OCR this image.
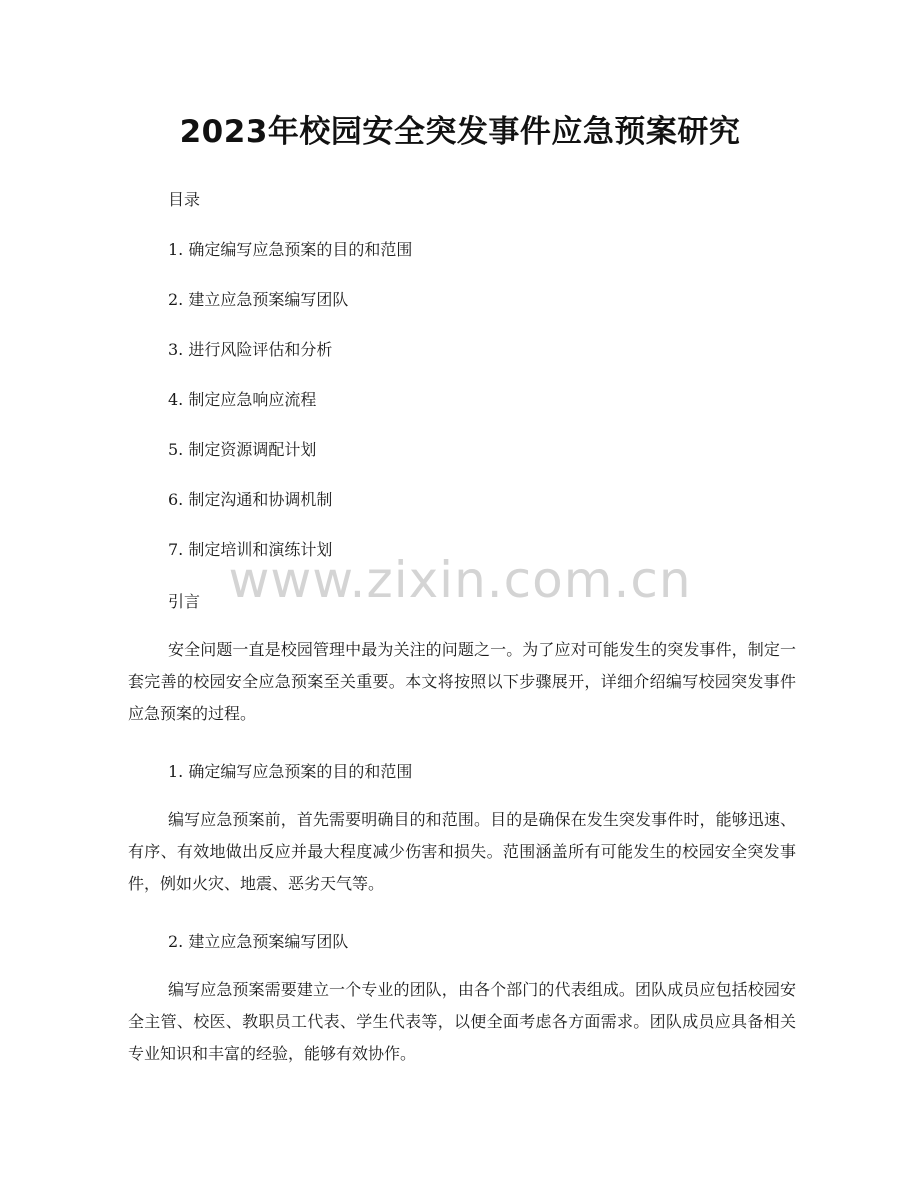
2023年校园安全突发事件应急预案研究
目录
1. 确定编写应急预案的目的和范围
2. 建立应急预案编写团队
3. 进行风险评估和分析
4. 制定应急响应流程
5. 制定资源调配计划
6. 制定沟通和协调机制
7. 制定培训和演练计划
www.zixin.com.cn
引言

安全问题一直是校园管理中最为关注的问题之一。为了应对可能发生的突发事件，制定一套完善的校园安全应急预案至关重要。本文将按照以下步骤展开，详细介绍编写校园突发事件应急预案的过程。

1. 确定编写应急预案的目的和范围

编写应急预案前，首先需要明确目的和范围。目的是确保在发生突发事件时，能够迅速、有序、有效地做出反应并最大程度减少伤害和损失。范围涵盖所有可能发生的校园安全突发事件，例如火灾、地震、恶劣天气等。

2. 建立应急预案编写团队

编写应急预案需要建立一个专业的团队，由各个部门的代表组成。团队成员应包括校园安全主管、校医、教职员工代表、学生代表等，以便全面考虑各方面需求。团队成员应具备相关专业知识和丰富的经验，能够有效协作。
